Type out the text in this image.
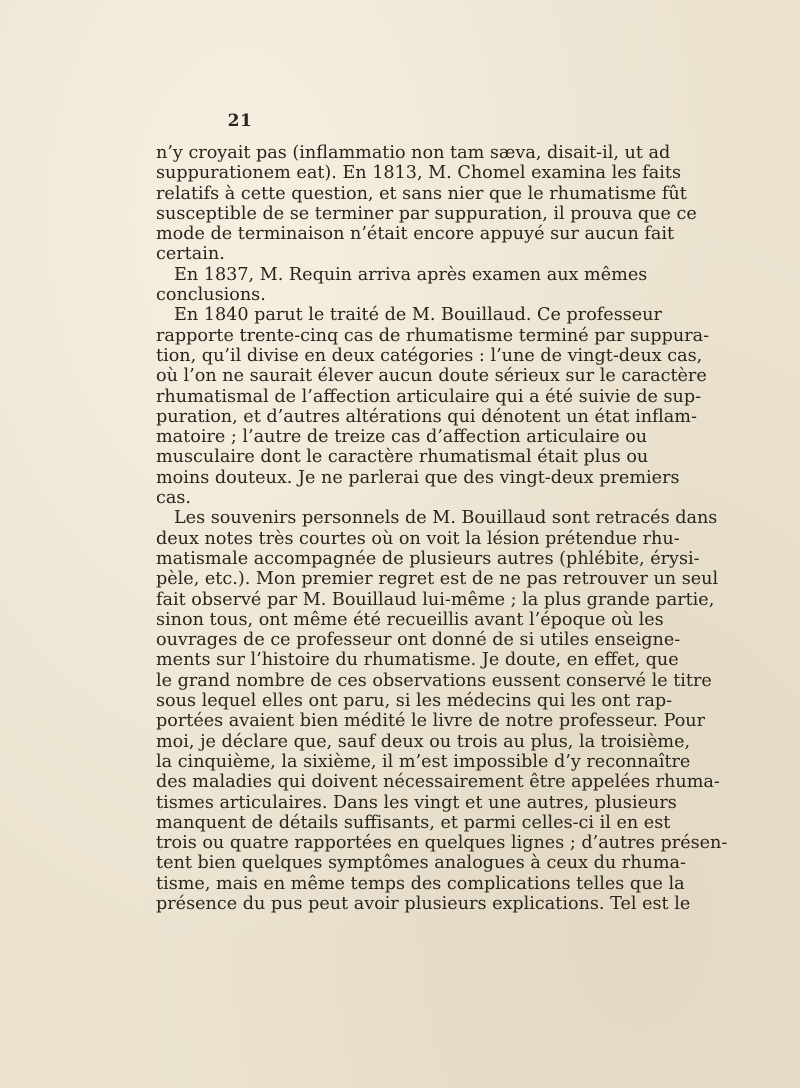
21
n’y croyait pas (inflammatio non tam sæva, disait-il, ut ad
suppurationem eat). En 1813, M. Chomel examina les faits
relatifs à cette question, et sans nier que le rhumatisme fût
susceptible de se terminer par suppuration, il prouva que ce
mode de terminaison n’était encore appuyé sur aucun fait
certain.
En 1837, M. Requin arriva après examen aux mêmes
conclusions.
En 1840 parut le traité de M. Bouillaud. Ce professeur
rapporte trente-cinq cas de rhumatisme terminé par suppura-
tion, qu’il divise en deux catégories : l’une de vingt-deux cas,
où l’on ne saurait élever aucun doute sérieux sur le caractère
rhumatismal de l’affection articulaire qui a été suivie de sup-
puration, et d’autres altérations qui dénotent un état inflam-
matoire ; l’autre de treize cas d’affection articulaire ou
musculaire dont le caractère rhumatismal était plus ou
moins douteux. Je ne parlerai que des vingt-deux premiers
cas.
Les souvenirs personnels de M. Bouillaud sont retracés dans
deux notes très courtes où on voit la lésion prétendue rhu-
matismale accompagnée de plusieurs autres (phlébite, érysi-
pèle, etc.). Mon premier regret est de ne pas retrouver un seul
fait observé par M. Bouillaud lui-même ; la plus grande partie,
sinon tous, ont même été recueillis avant l’époque où les
ouvrages de ce professeur ont donné de si utiles enseigne-
ments sur l’histoire du rhumatisme. Je doute, en effet, que
le grand nombre de ces observations eussent conservé le titre
sous lequel elles ont paru, si les médecins qui les ont rap-
portées avaient bien médité le livre de notre professeur. Pour
moi, je déclare que, sauf deux ou trois au plus, la troisième,
la cinquième, la sixième, il m’est impossible d’y reconnaître
des maladies qui doivent nécessairement être appelées rhuma-
tismes articulaires. Dans les vingt et une autres, plusieurs
manquent de détails suffisants, et parmi celles-ci il en est
trois ou quatre rapportées en quelques lignes ; d’autres présen-
tent bien quelques symptômes analogues à ceux du rhuma-
tisme, mais en même temps des complications telles que la
présence du pus peut avoir plusieurs explications. Tel est le
